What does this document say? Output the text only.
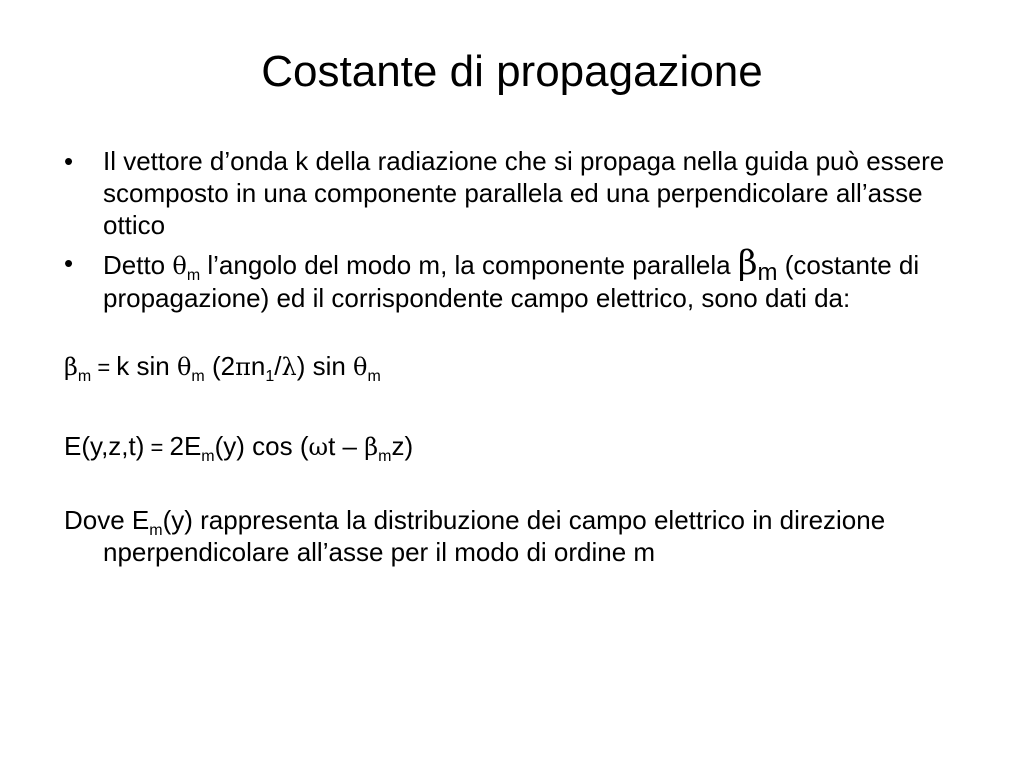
Costante di propagazione
• Il vettore d’onda k della radiazione che si propaga nella guida può essere scomposto in una componente parallela ed una perpendicolare all’asse ottico
• Detto $\theta_m$ l’angolo del modo m, la componente parallela βm (costante di propagazione) ed il corrispondente campo elettrico, sono dati da:

$\beta_m = k$ $\sin \theta_m$ $(2\pi n_1/\lambda)$ $\sin \theta_m$

$E(y,z,t) = 2E_m(y)$ $\cos (\omega t - \beta_mz)$

Dove $E_m(y)$ rappresenta la distribuzione dei campo elettrico in direzione nperpendicolare all’asse per il modo di ordine m
